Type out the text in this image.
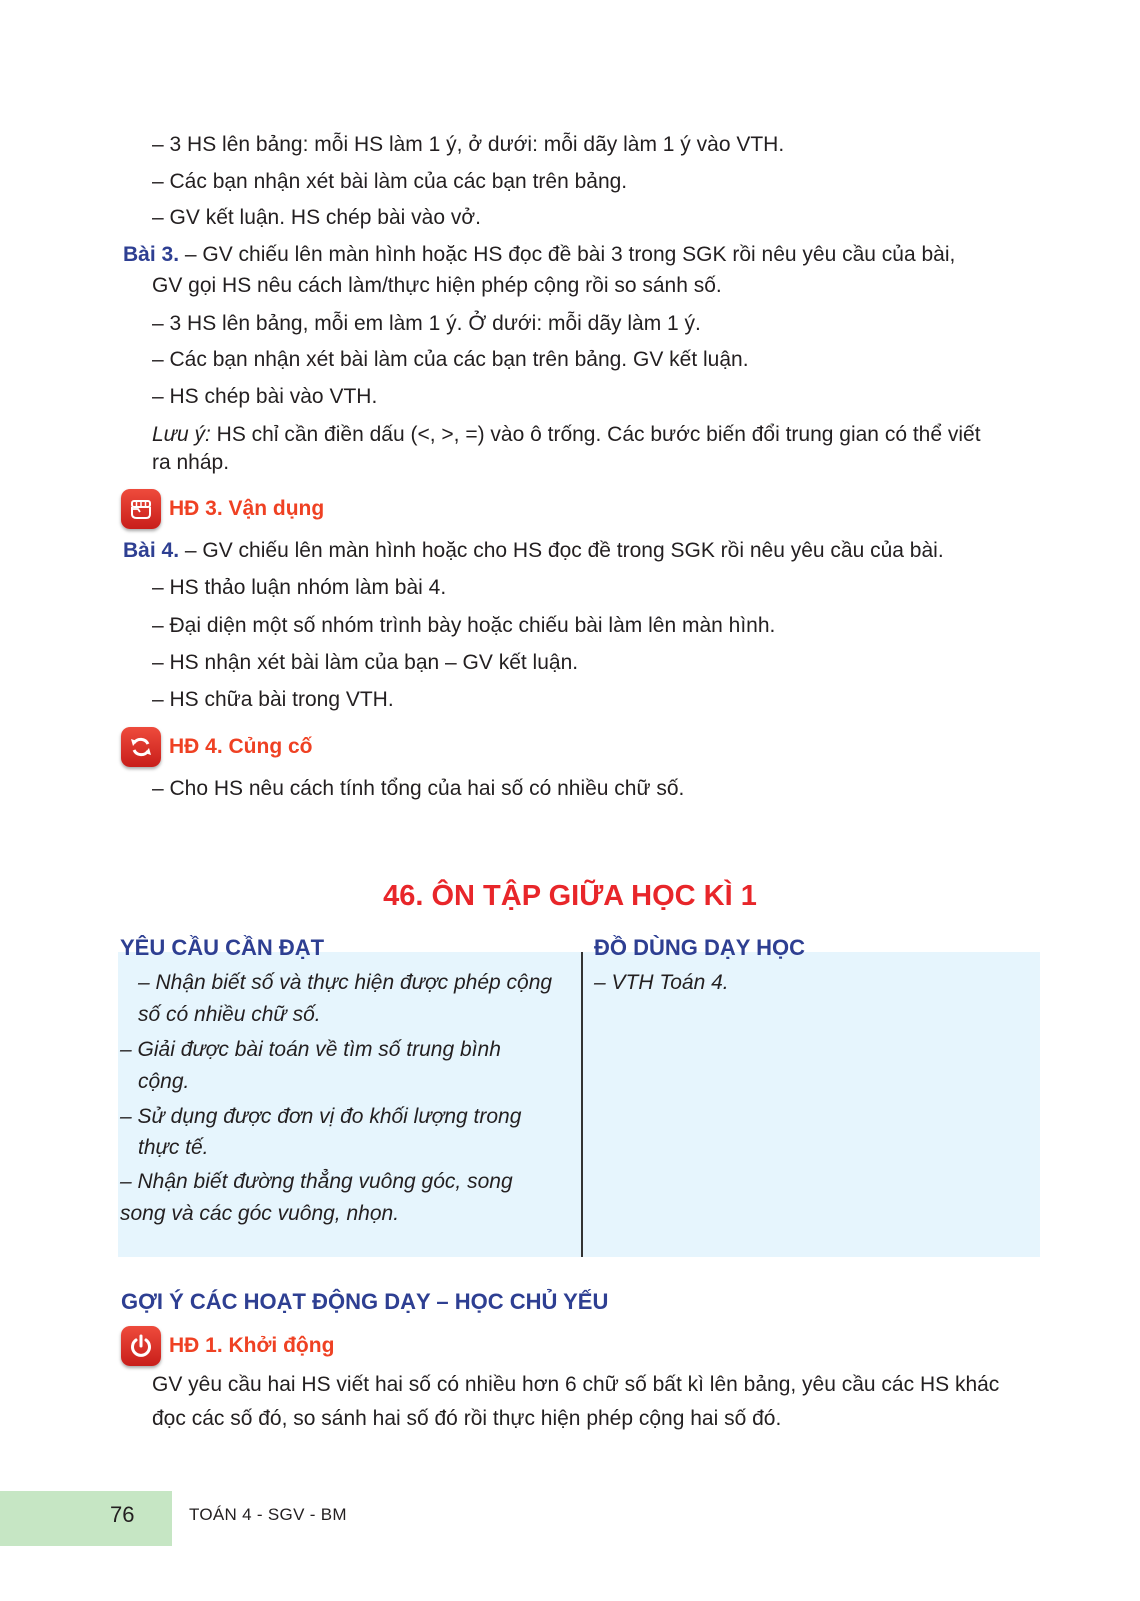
– 3 HS lên bảng: mỗi HS làm 1 ý, ở dưới: mỗi dãy làm 1 ý vào VTH.
– Các bạn nhận xét bài làm của các bạn trên bảng.
– GV kết luận. HS chép bài vào vở.
Bài 3. – GV chiếu lên màn hình hoặc HS đọc đề bài 3 trong SGK rồi nêu yêu cầu của bài,
GV gọi HS nêu cách làm/thực hiện phép cộng rồi so sánh số.
– 3 HS lên bảng, mỗi em làm 1 ý. Ở dưới: mỗi dãy làm 1 ý.
– Các bạn nhận xét bài làm của các bạn trên bảng. GV kết luận.
– HS chép bài vào VTH.
Lưu ý: HS chỉ cần điền dấu (<, >, =) vào ô trống. Các bước biến đổi trung gian có thể viết
ra nháp.
HĐ 3. Vận dụng
Bài 4. – GV chiếu lên màn hình hoặc cho HS đọc đề trong SGK rồi nêu yêu cầu của bài.
– HS thảo luận nhóm làm bài 4.
– Đại diện một số nhóm trình bày hoặc chiếu bài làm lên màn hình.
– HS nhận xét bài làm của bạn – GV kết luận.
– HS chữa bài trong VTH.
HĐ 4. Củng cố
– Cho HS nêu cách tính tổng của hai số có nhiều chữ số.
46. ÔN TẬP GIỮA HỌC KÌ 1
YÊU CẦU CẦN ĐẠT	ĐỒ DÙNG DẠY HỌC
– Nhận biết số và thực hiện được phép cộng
số có nhiều chữ số.
– Giải được bài toán về tìm số trung bình
cộng.
– Sử dụng được đơn vị đo khối lượng trong
thực tế.
– Nhận biết đường thẳng vuông góc, song
song và các góc vuông, nhọn.
– VTH Toán 4.
GỢI Ý CÁC HOẠT ĐỘNG DẠY – HỌC CHỦ YẾU
HĐ 1. Khởi động
GV yêu cầu hai HS viết hai số có nhiều hơn 6 chữ số bất kì lên bảng, yêu cầu các HS khác
đọc các số đó, so sánh hai số đó rồi thực hiện phép cộng hai số đó.
76	TOÁN 4 - SGV - BM
